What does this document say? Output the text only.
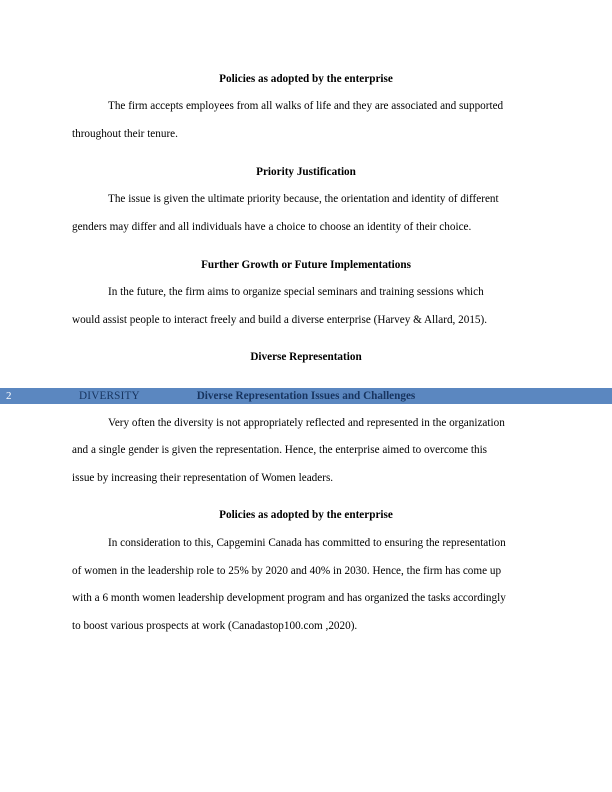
Policies as adopted by the enterprise
The firm accepts employees from all walks of life and they are associated and supported
throughout their tenure.
Priority Justification
The issue is given the ultimate priority because, the orientation and identity of different
genders may differ and all individuals have a choice to choose an identity of their choice.
Further Growth or Future Implementations
In the future, the firm aims to organize special seminars and training sessions which
would assist people to interact freely and build a diverse enterprise (Harvey & Allard, 2015).
Diverse Representation
2	DIVERSITY	Diverse Representation Issues and Challenges
Very often the diversity is not appropriately reflected and represented in the organization
and a single gender is given the representation. Hence, the enterprise aimed to overcome this
issue by increasing their representation of Women leaders.
Policies as adopted by the enterprise
In consideration to this, Capgemini Canada has committed to ensuring the representation
of women in the leadership role to 25% by 2020 and 40% in 2030. Hence, the firm has come up
with a 6 month women leadership development program and has organized the tasks accordingly
to boost various prospects at work (Canadastop100.com ,2020).
